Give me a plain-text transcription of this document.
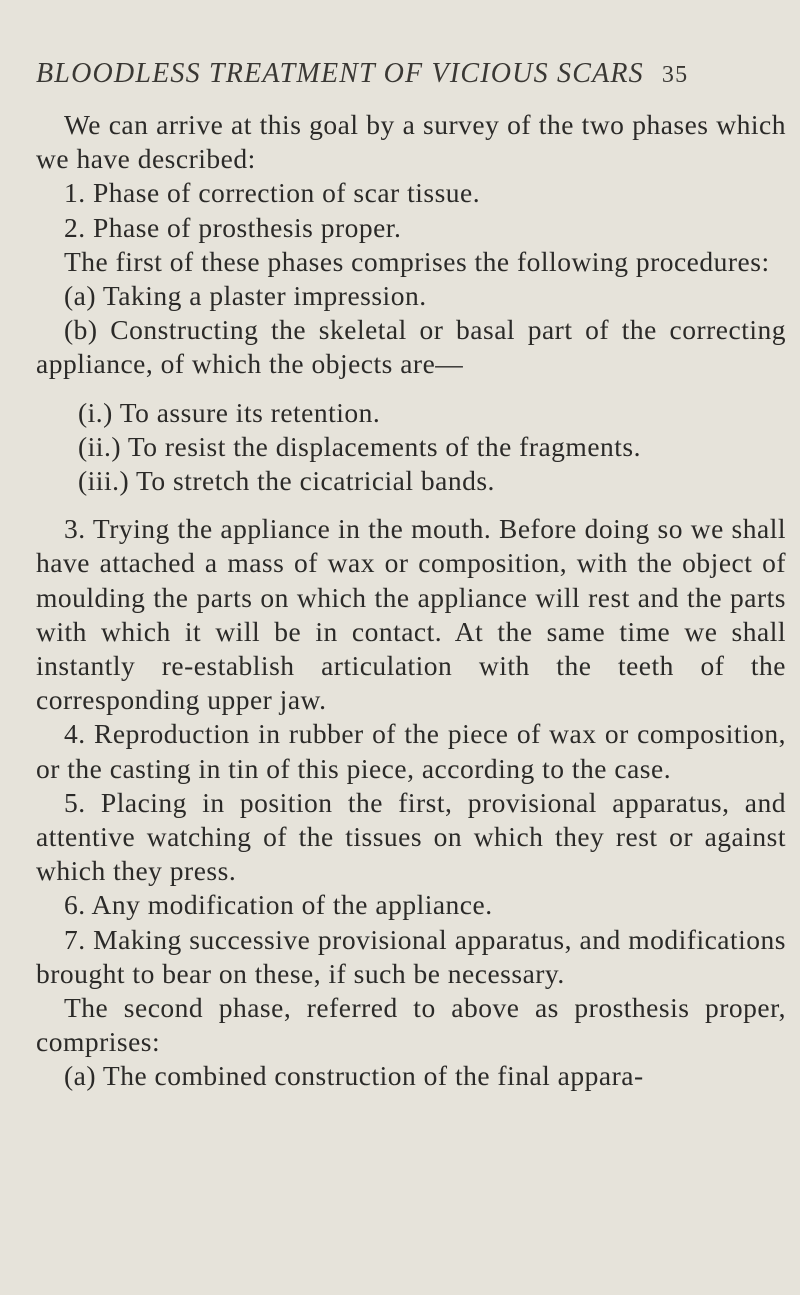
BLOODLESS TREATMENT OF VICIOUS SCARS 35

We can arrive at this goal by a survey of the two phases which we have described:

1. Phase of correction of scar tissue.

2. Phase of prosthesis proper.

The first of these phases comprises the following procedures:

(a) Taking a plaster impression.

(b) Constructing the skeletal or basal part of the correcting appliance, of which the objects are—

(i.) To assure its retention.

(ii.) To resist the displacements of the fragments.

(iii.) To stretch the cicatricial bands.

3. Trying the appliance in the mouth. Before doing so we shall have attached a mass of wax or composition, with the object of moulding the parts on which the appliance will rest and the parts with which it will be in contact. At the same time we shall instantly re-establish articulation with the teeth of the corresponding upper jaw.

4. Reproduction in rubber of the piece of wax or composition, or the casting in tin of this piece, according to the case.

5. Placing in position the first, provisional apparatus, and attentive watching of the tissues on which they rest or against which they press.

6. Any modification of the appliance.

7. Making successive provisional apparatus, and modifications brought to bear on these, if such be necessary.

The second phase, referred to above as prosthesis proper, comprises:

(a) The combined construction of the final appara-
